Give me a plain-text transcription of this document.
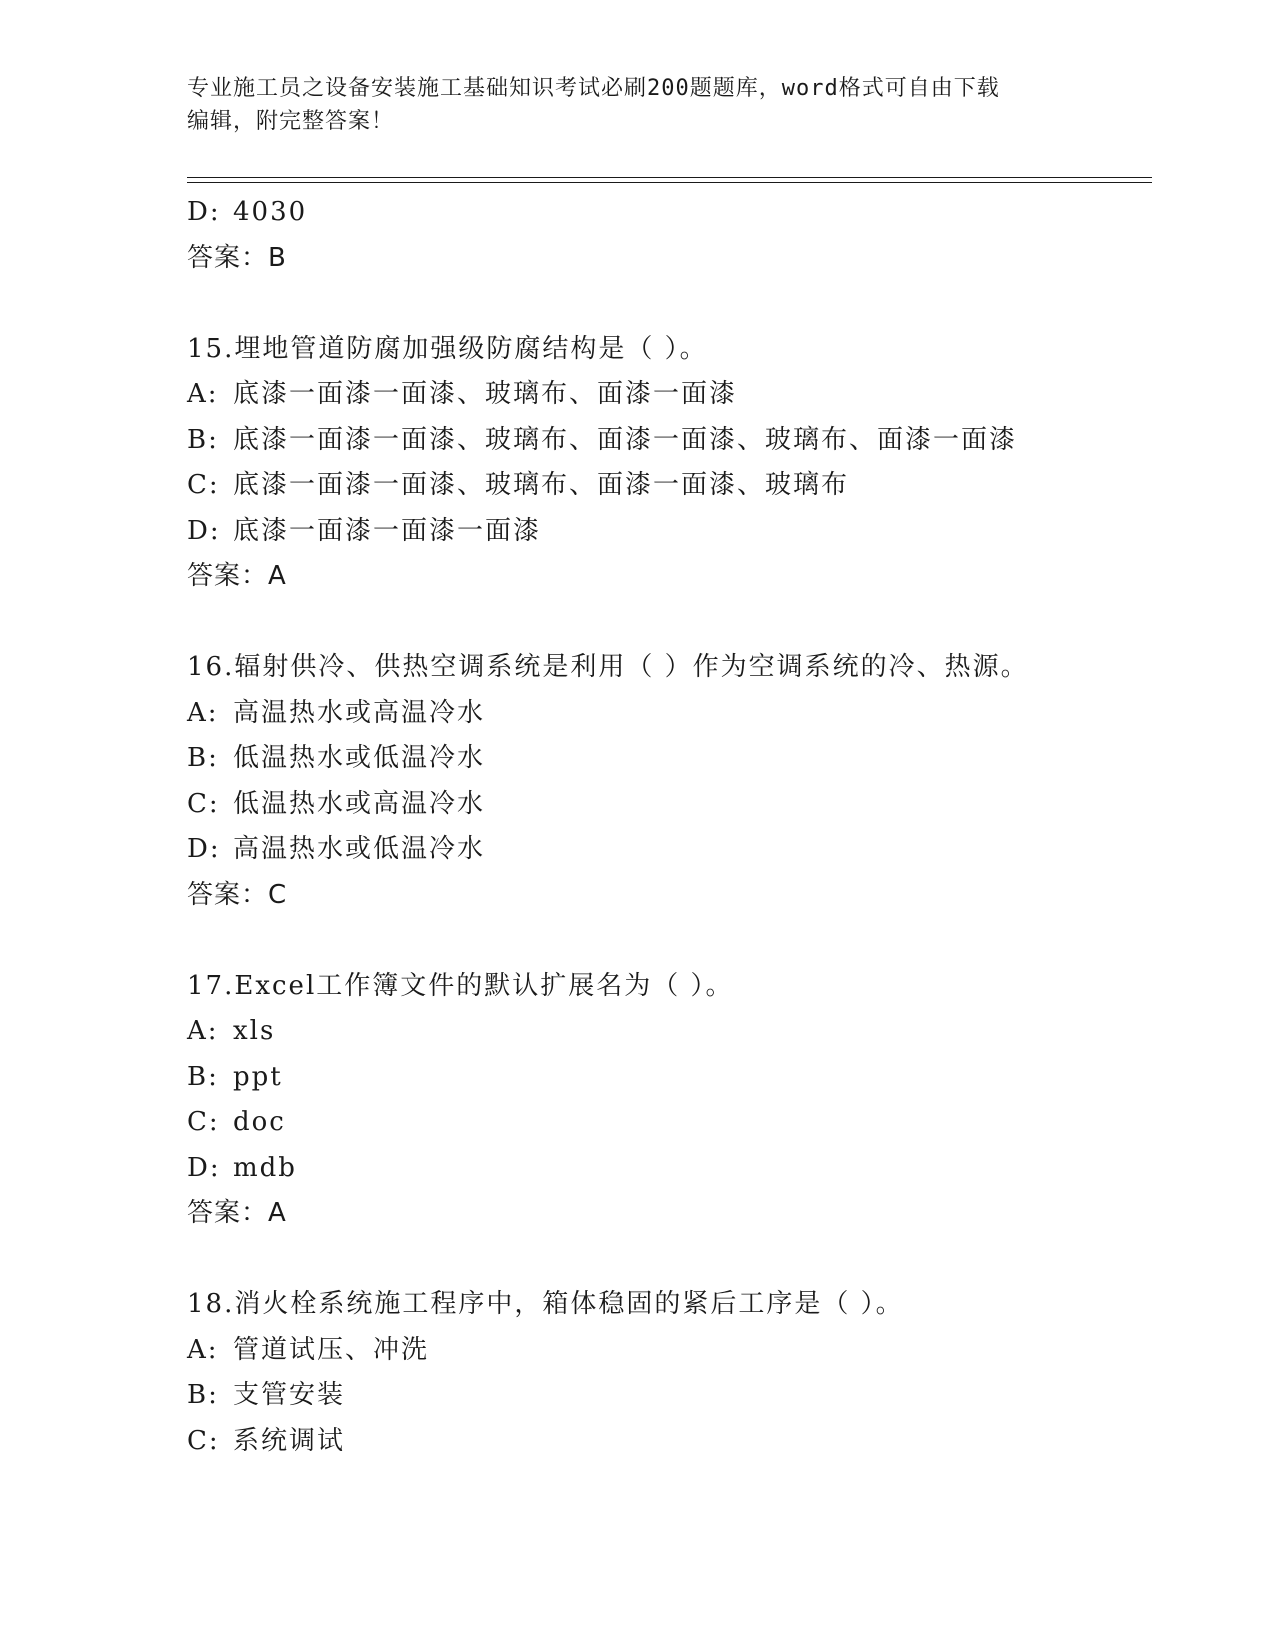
专业施工员之设备安装施工基础知识考试必刷200题题库，word格式可自由下载
编辑，附完整答案！
D: 4030
答案：B
15.埋地管道防腐加强级防腐结构是（ ）。
A: 底漆一面漆一面漆、玻璃布、面漆一面漆
B: 底漆一面漆一面漆、玻璃布、面漆一面漆、玻璃布、面漆一面漆
C: 底漆一面漆一面漆、玻璃布、面漆一面漆、玻璃布
D: 底漆一面漆一面漆一面漆
答案：A
16.辐射供冷、供热空调系统是利用（ ）作为空调系统的冷、热源。
A: 高温热水或高温冷水
B: 低温热水或低温冷水
C: 低温热水或高温冷水
D: 高温热水或低温冷水
答案：C
17.Excel工作簿文件的默认扩展名为（ ）。
A: xls
B: ppt
C: doc
D: mdb
答案：A
18.消火栓系统施工程序中，箱体稳固的紧后工序是（ ）。
A: 管道试压、冲洗
B: 支管安装
C: 系统调试
